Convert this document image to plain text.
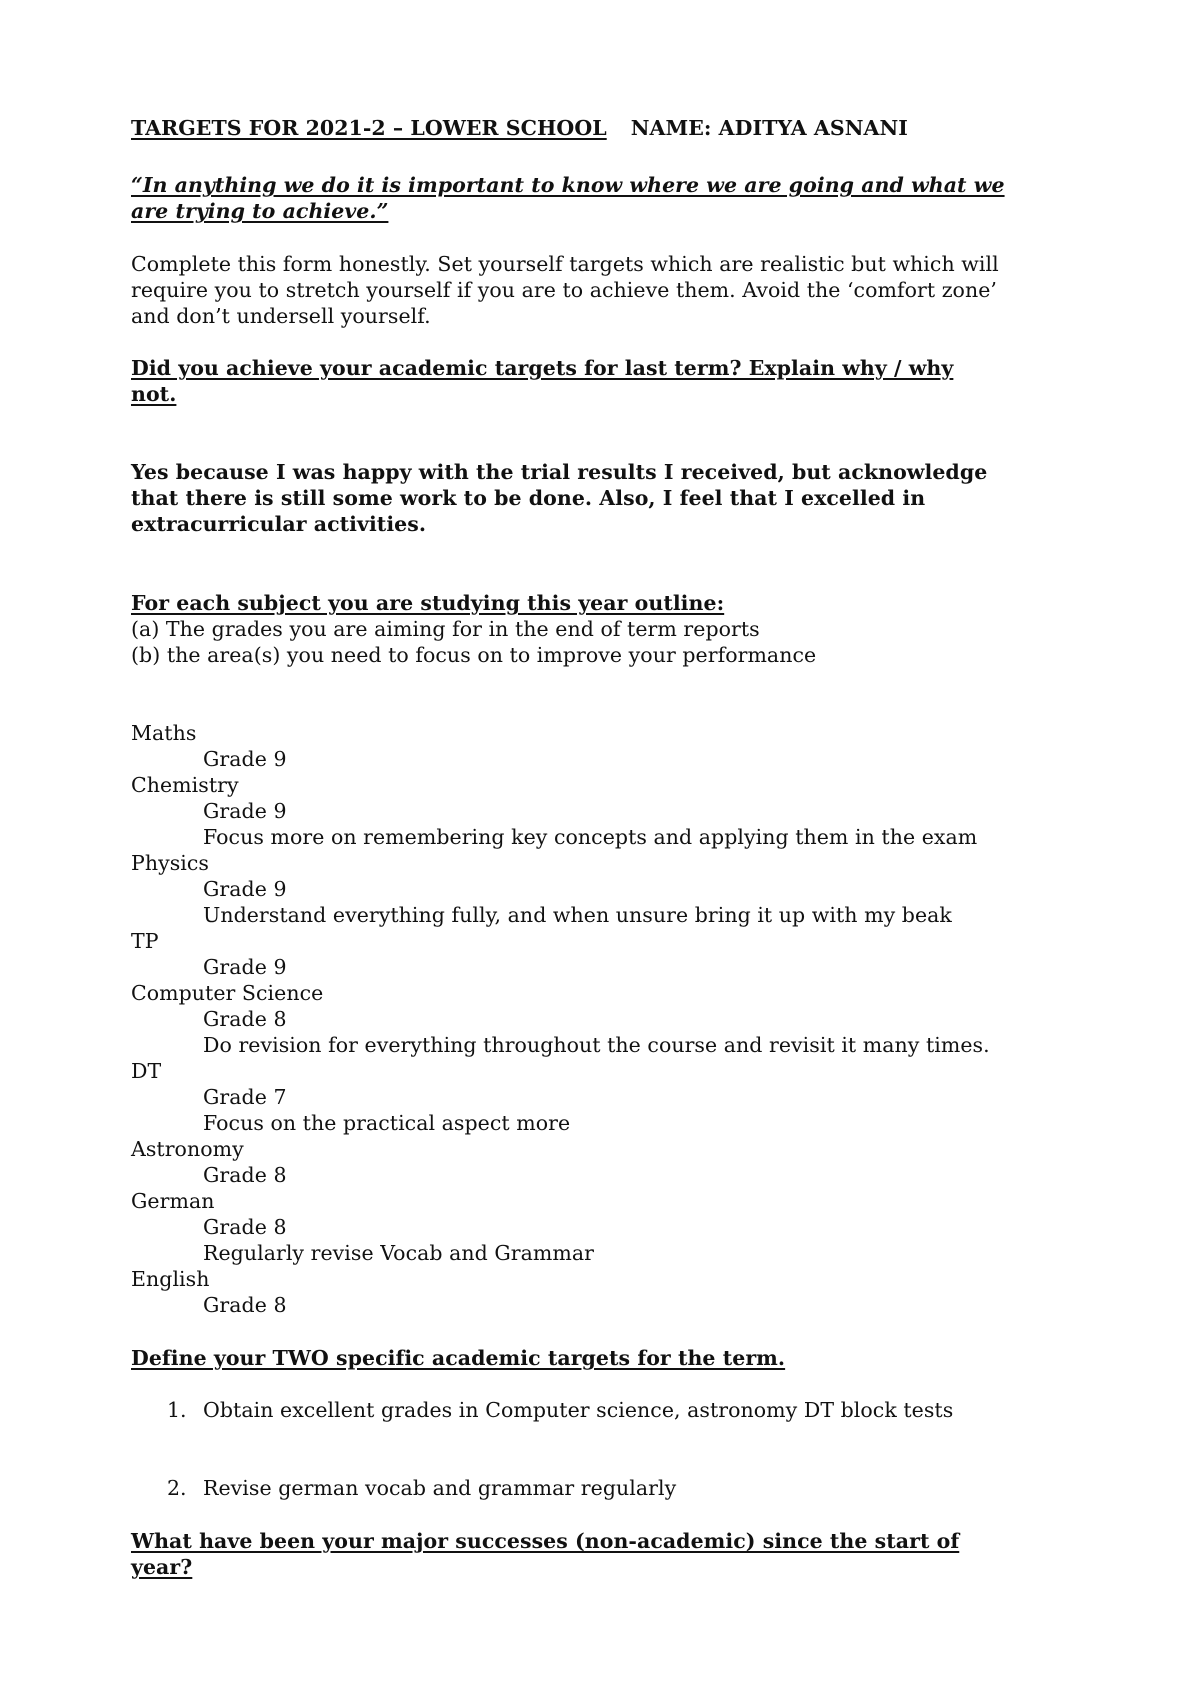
TARGETS FOR 2021-2 – LOWER SCHOOL NAME: ADITYA ASNANI
“In anything we do it is important to know where we are going and what we
are trying to achieve.”
Complete this form honestly. Set yourself targets which are realistic but which will
require you to stretch yourself if you are to achieve them. Avoid the ‘comfort zone’
and don’t undersell yourself.
Did you achieve your academic targets for last term? Explain why / why
not.
Yes because I was happy with the trial results I received, but acknowledge
that there is still some work to be done. Also, I feel that I excelled in
extracurricular activities.
For each subject you are studying this year outline:
(a) The grades you are aiming for in the end of term reports
(b) the area(s) you need to focus on to improve your performance
Maths
Grade 9
Chemistry
Grade 9
Focus more on remembering key concepts and applying them in the exam
Physics
Grade 9
Understand everything fully, and when unsure bring it up with my beak
TP
Grade 9
Computer Science
Grade 8
Do revision for everything throughout the course and revisit it many times.
DT
Grade 7
Focus on the practical aspect more
Astronomy
Grade 8
German
Grade 8
Regularly revise Vocab and Grammar
English
Grade 8
Define your TWO specific academic targets for the term.
1. Obtain excellent grades in Computer science, astronomy DT block tests
2. Revise german vocab and grammar regularly
What have been your major successes (non-academic) since the start of
year?
